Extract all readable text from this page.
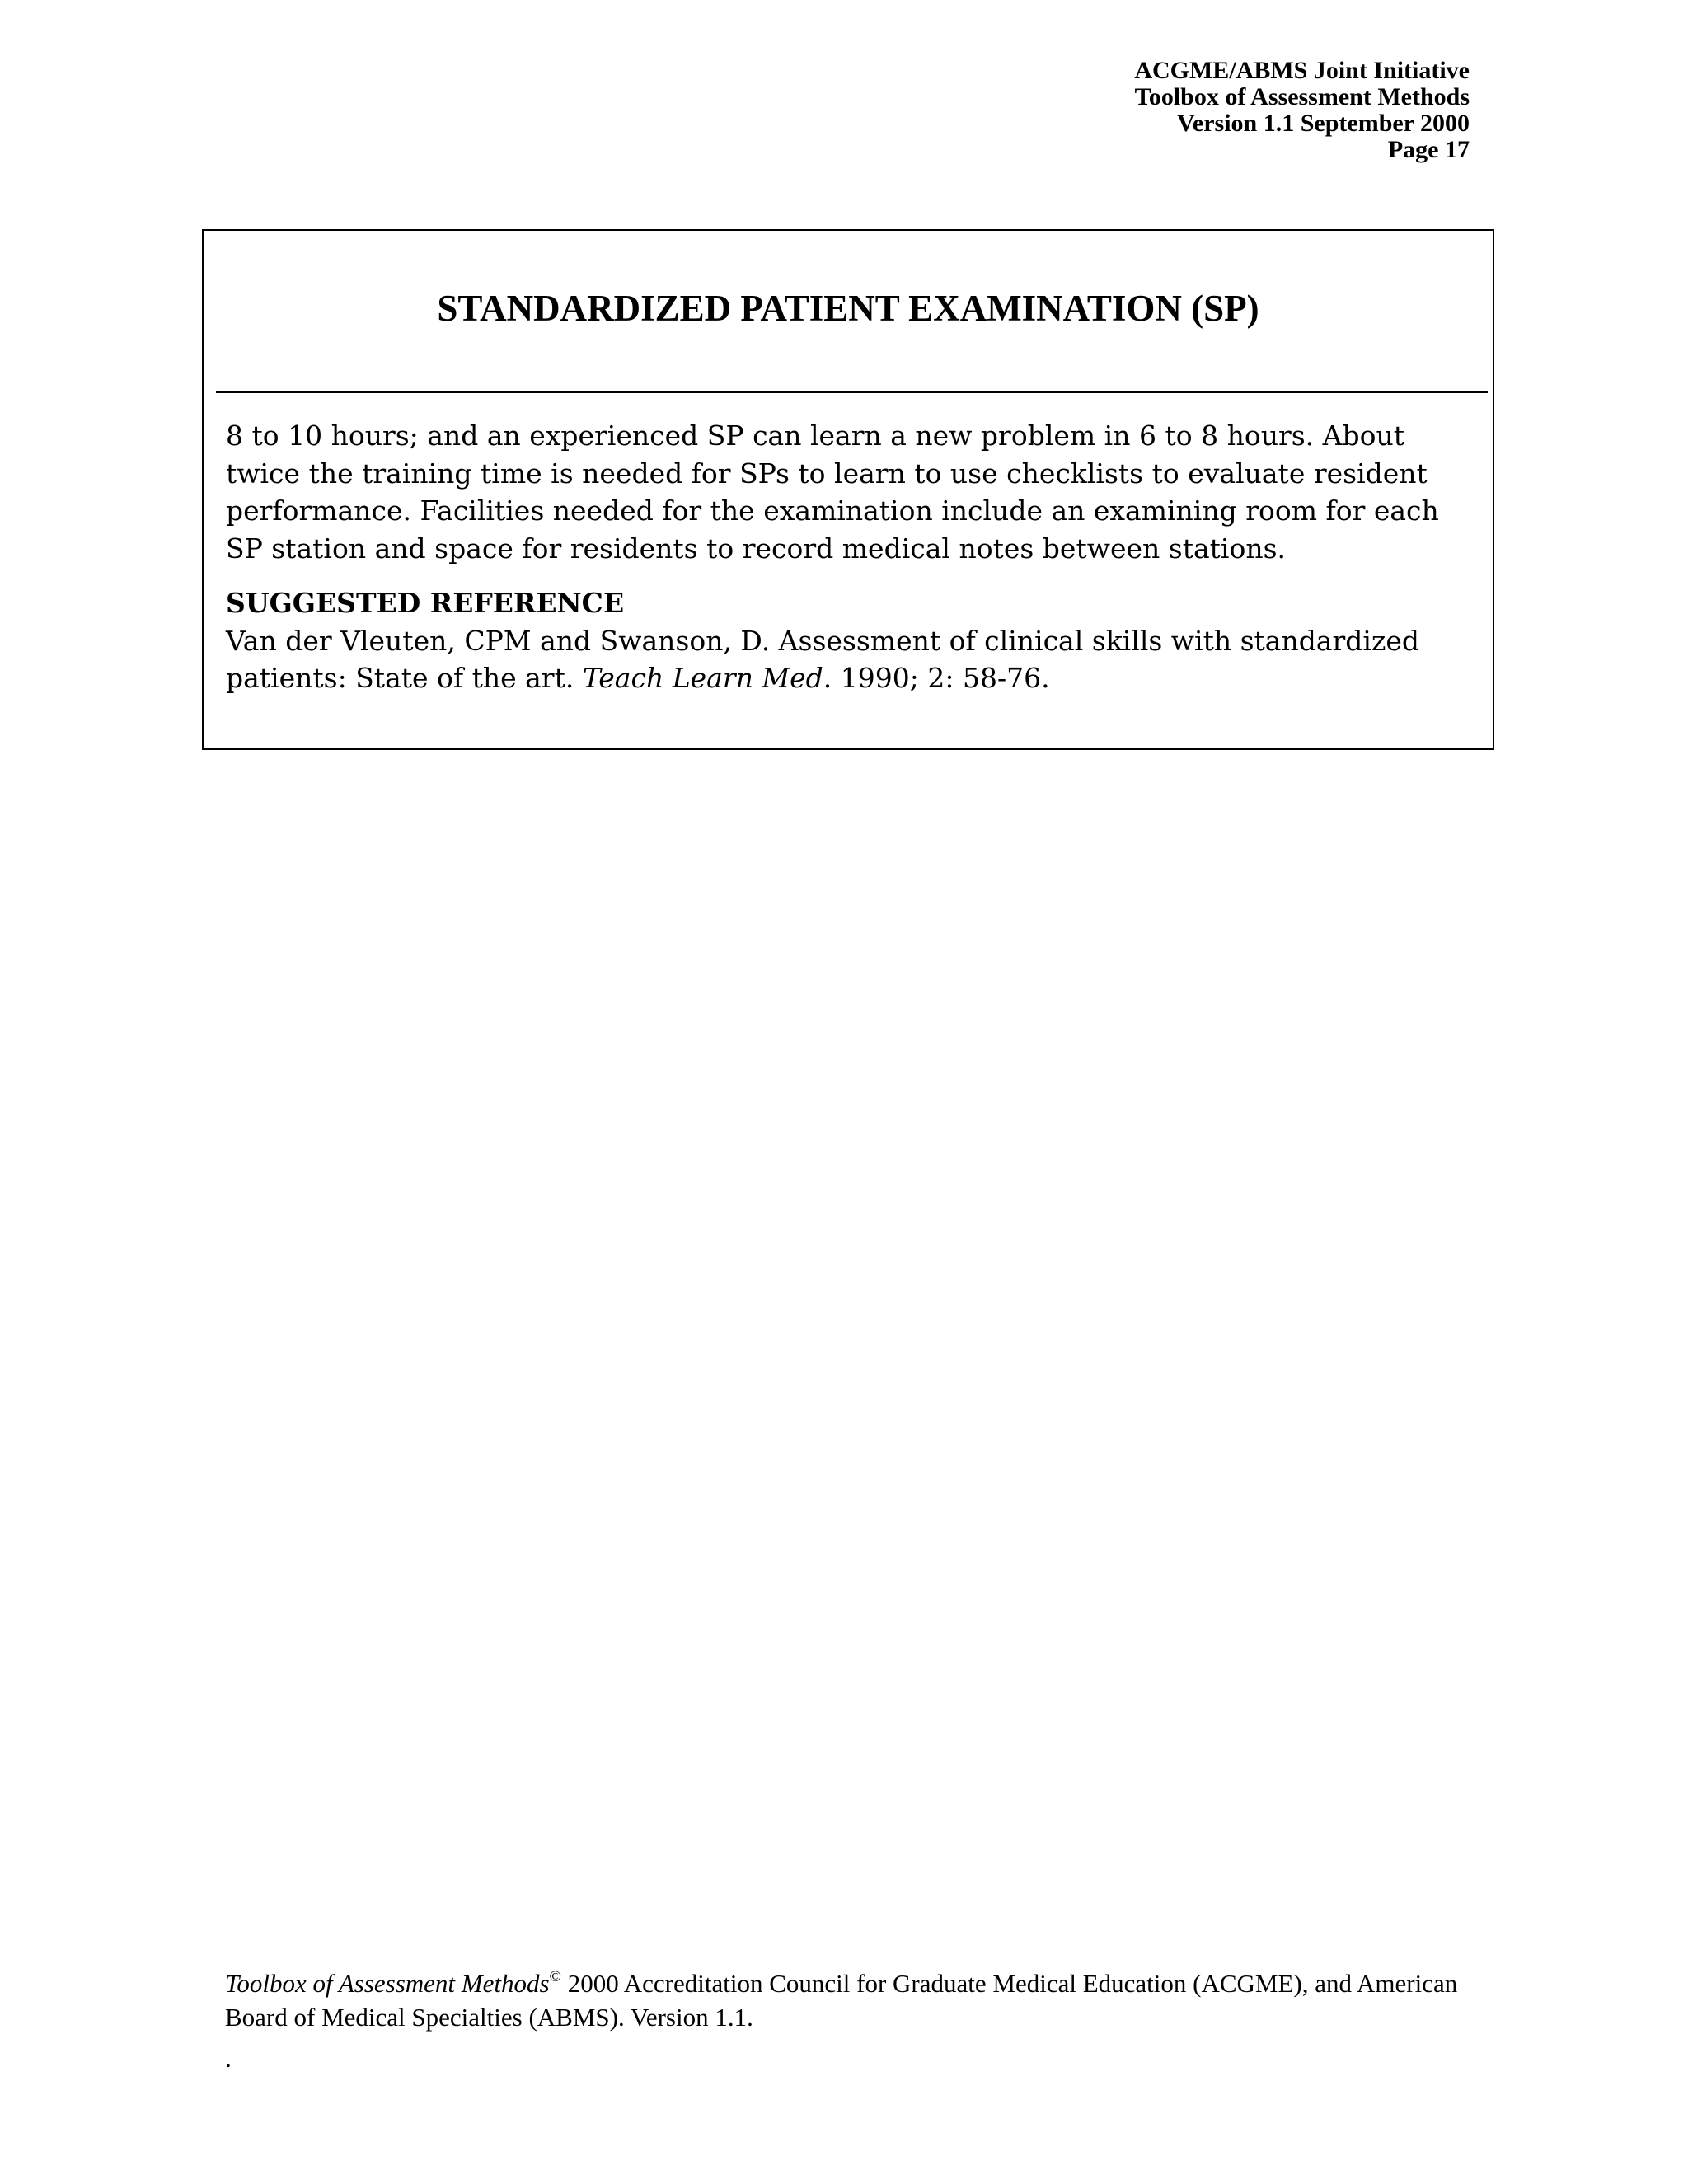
ACGME/ABMS Joint Initiative
Toolbox of Assessment Methods
Version 1.1 September 2000
Page 17
STANDARDIZED PATIENT EXAMINATION (SP)

8 to 10 hours; and an experienced SP can learn a new problem in 6 to 8 hours. About twice the training time is needed for SPs to learn to use checklists to evaluate resident performance. Facilities needed for the examination include an examining room for each SP station and space for residents to record medical notes between stations.

SUGGESTED REFERENCE

Van der Vleuten, CPM and Swanson, D. Assessment of clinical skills with standardized patients: State of the art. Teach Learn Med. 1990; 2: 58-76.

Toolbox of Assessment Methods© 2000 Accreditation Council for Graduate Medical Education (ACGME), and American Board of Medical Specialties (ABMS). Version 1.1.

.
